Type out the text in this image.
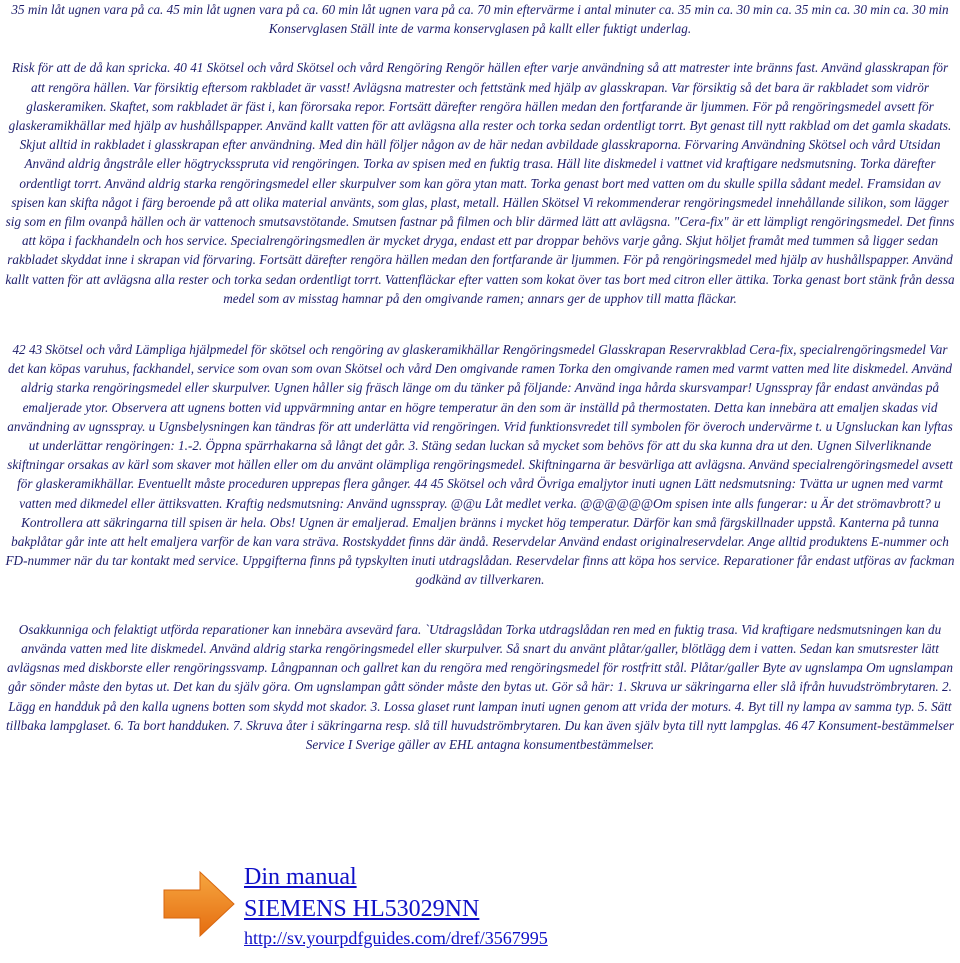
35 min låt ugnen vara på ca. 45 min låt ugnen vara på ca. 60 min låt ugnen vara på ca. 70 min eftervärme i antal minuter ca. 35 min ca. 30 min ca. 35 min ca. 30 min ca. 30 min Konservglasen Ställ inte de varma konservglasen på kallt eller fuktigt underlag.

Risk för att de då kan spricka. 40 41 Skötsel och vård Skötsel och vård Rengöring Rengör hällen efter varje användning så att matrester inte bränns fast. Använd glasskrapan för att rengöra hällen. Var försiktig eftersom rakbladet är vasst! Avlägsna matrester och fettstänk med hjälp av glasskrapan. Var försiktig så det bara är rakbladet som vidrör glaskeramiken. Skaftet, som rakbladet är fäst i, kan förorsaka repor. Fortsätt därefter rengöra hällen medan den fortfarande är ljummen. För på rengöringsmedel avsett för glaskeramikhällar med hjälp av hushållspapper. Använd kallt vatten för att avlägsna alla rester och torka sedan ordentligt torrt. Byt genast till nytt rakblad om det gamla skadats. Skjut alltid in rakbladet i glasskrapan efter användning. Med din häll följer någon av de här nedan avbildade glasskraporna. Förvaring Användning Skötsel och vård Utsidan Använd aldrig ångstråle eller högtryckssprutа vid rengöringen. Torka av spisen med en fuktig trasa. Häll lite diskmedel i vattnet vid kraftigare nedsmutsning. Torka därefter ordentligt torrt. Använd aldrig starka rengöringsmedel eller skurpulver som kan göra ytan matt. Torka genast bort med vatten om du skulle spilla sådant medel. Framsidan av spisen kan skifta något i färg beroende på att olika material använts, som glas, plast, metall. Hällen Skötsel Vi rekommenderar rengöringsmedel innehållande silikon, som lägger sig som en film ovanpå hällen och är vattenoch smutsavstötande. Smutsen fastnar på filmen och blir därmed lätt att avlägsna. "Cera-fix" är ett lämpligt rengöringsmedel. Det finns att köpa i fackhandeln och hos service. Specialrengöringsmedlen är mycket dryga, endast ett par droppar behövs varje gång. Skjut höljet framåt med tummen så ligger sedan rakbladet skyddat inne i skrapan vid förvaring. Fortsätt därefter rengöra hällen medan den fortfarande är ljummen. För på rengöringsmedel med hjälp av hushållspapper. Använd kallt vatten för att avlägsna alla rester och torka sedan ordentligt torrt. Vattenfläckar efter vatten som kokat över tas bort med citron eller ättika. Torka genast bort stänk från dessa medel som av misstag hamnar på den omgivande ramen; annars ger de upphov till matta fläckar.

42 43 Skötsel och vård Lämpliga hjälpmedel för skötsel och rengöring av glaskeramikhällar Rengöringsmedel Glasskrapan Reservrakblad Cera-fix, specialrengöringsmedel Var det kan köpas varuhus, fackhandel, service som ovan som ovan Skötsel och vård Den omgivande ramen Torka den omgivande ramen med varmt vatten med lite diskmedel. Använd aldrig starka rengöringsmedel eller skurpulver. Ugnen håller sig fräsch länge om du tänker på följande: Använd inga hårda skursvampar! Ugnsspray får endast användas på emaljerade ytor. Observera att ugnens botten vid uppvärmning antar en högre temperatur än den som är inställd på thermostaten. Detta kan innebära att emaljen skadas vid användning av ugnsspray. u Ugnsbelysningen kan tändras för att underlätta vid rengöringen. Vrid funktionsvredet till symbolen för överoch undervärme t. u Ugnsluckan kan lyftas ut underlättar rengöringen: 1.-2. Öppna spärrhakarna så långt det går. 3. Stäng sedan luckan så mycket som behövs för att du ska kunna dra ut den. Ugnen Silverliknande skiftningar orsakas av kärl som skaver mot hällen eller om du använt olämpliga rengöringsmedel. Skiftningarna är besvärliga att avlägsna. Använd specialrengöringsmedel avsett för glaskeramikhällar. Eventuellt måste proceduren upprepas flera gånger. 44 45 Skötsel och vård Övriga emaljytor inuti ugnen Lätt nedsmutsning: Tvätta ur ugnen med varmt vatten med dikmedel eller ättiksvatten. Kraftig nedsmutsning: Använd ugnsspray. @@u Låt medlet verka. @@@@@@Om spisen inte alls fungerar: u Är det strömavbrott? u Kontrollera att säkringarna till spisen är hela. Obs! Ugnen är emaljerad. Emaljen bränns i mycket hög temperatur. Därför kan små färgskillnader uppstå. Kanterna på tunna bakplåtar går inte att helt emaljera varför de kan vara sträva. Rostskyddet finns där ändå. Reservdelar Använd endast originalreservdelar. Ange alltid produktens E-nummer och FD-nummer när du tar kontakt med service. Uppgifterna finns på typskylten inuti utdragslådan. Reservdelar finns att köpa hos service. Reparationer får endast utföras av fackman godkänd av tillverkaren.

Osakkunniga och felaktigt utförda reparationer kan innebära avsevärd fara. `Utdragslådan Torka utdragslådan ren med en fuktig trasa. Vid kraftigare nedsmutsningen kan du använda vatten med lite diskmedel. Använd aldrig starka rengöringsmedel eller skurpulver. Så snart du använt plåtar/galler, blötlägg dem i vatten. Sedan kan smutsrester lätt avlägsnas med diskborste eller rengöringssvamp. Långpannan och gallret kan du rengöra med rengöringsmedel för rostfritt stål. Plåtar/galler Byte av ugnslampa Om ugnslampan går sönder måste den bytas ut. Det kan du själv göra. Om ugnslampan gått sönder måste den bytas ut. Gör så här: 1. Skruva ur säkringarna eller slå ifrån huvudströmbrytaren. 2. Lägg en handduk på den kalla ugnens botten som skydd mot skador. 3. Lossa glaset runt lampan inuti ugnen genom att vrida der moturs. 4. Byt till ny lampa av samma typ. 5. Sätt tillbaka lampglaset. 6. Ta bort handduken. 7. Skruva åter i säkringarna resp. slå till huvudströmbrytaren. Du kan även själv byta till nytt lampglas. 46 47 Konsument-bestämmelser Service I Sverige gäller av EHL antagna konsumentbestämmelser.

Din manual
SIEMENS HL53029NN
http://sv.yourpdfguides.com/dref/3567995
